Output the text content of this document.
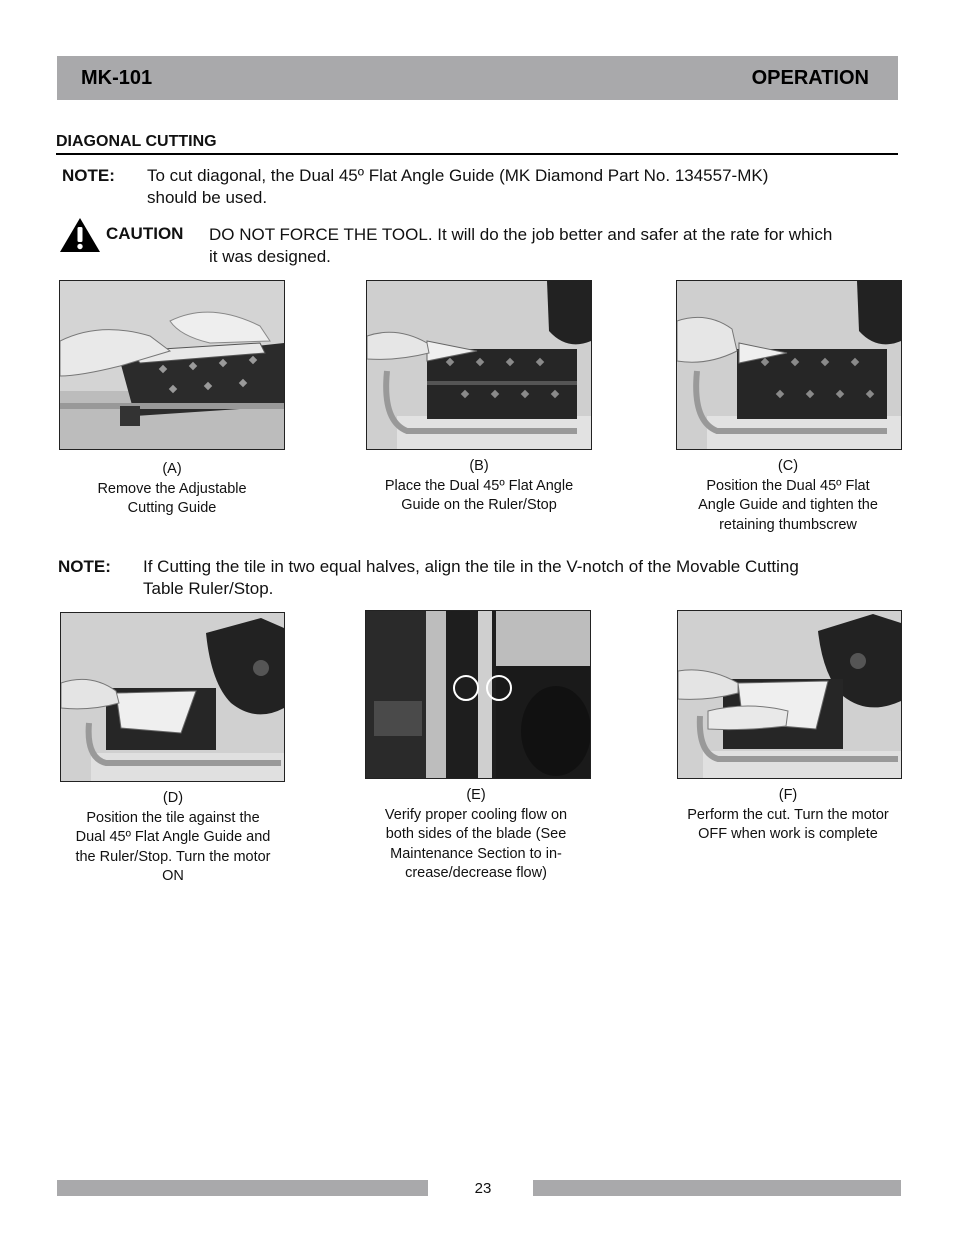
MK-101	OPERATION
DIAGONAL CUTTING
NOTE: To cut diagonal, the Dual 45º Flat Angle Guide (MK Diamond Part No. 134557-MK)
should be used.
CAUTION DO NOT FORCE THE TOOL. It will do the job better and safer at the rate for which
it was designed.
(A)
Remove the Adjustable
Cutting Guide
(B)
Place the Dual 45º Flat Angle
Guide on the Ruler/Stop
(C)
Position the Dual 45º Flat
Angle Guide and tighten the
retaining thumbscrew
NOTE: If Cutting the tile in two equal halves, align the tile in the V-notch of the Movable Cutting
Table Ruler/Stop.
(D)
Position the tile against the
Dual 45º Flat Angle Guide and
the Ruler/Stop. Turn the motor
ON
(E)
Verify proper cooling flow on
both sides of the blade (See
Maintenance Section to in-
crease/decrease flow)
(F)
Perform the cut. Turn the motor
OFF when work is complete
23
